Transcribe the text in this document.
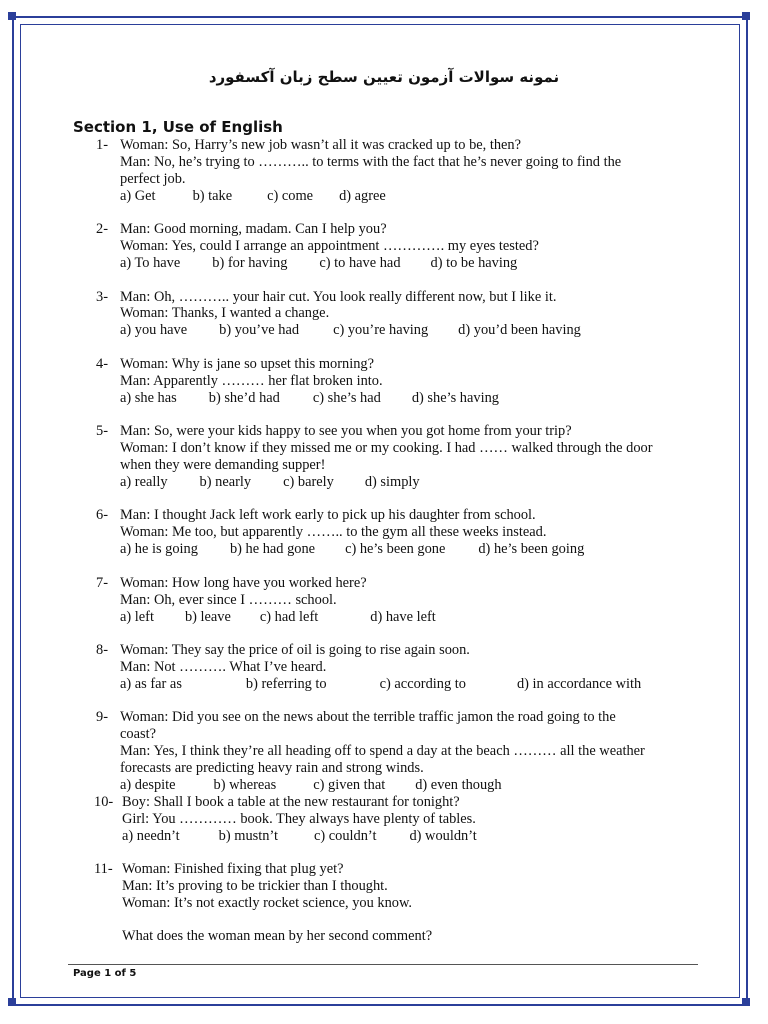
نمونه سوالات آزمون تعیین سطح زبان آکسفورد
Section 1, Use of English
1- Woman: So, Harry’s new job wasn’t all it was cracked up to be, then?
Man: No, he’s trying to ……….. to terms with the fact that he’s never going to find the
perfect job.
a) Get	b) take	c) come	d) agree
2- Man: Good morning, madam. Can I help you?
Woman: Yes, could I arrange an appointment …………. my eyes tested?
a) To have	b) for having	c) to have had	d) to be having
3- Man: Oh, ……….. your hair cut. You look really different now, but I like it.
Woman: Thanks, I wanted a change.
a) you have	b) you’ve had	c) you’re having	d) you’d been having
4- Woman: Why is jane so upset this morning?
Man: Apparently ……… her flat broken into.
a) she has	b) she’d had	c) she’s had	d) she’s having
5- Man: So, were your kids happy to see you when you got home from your trip?
Woman: I don’t know if they missed me or my cooking. I had …… walked through the door
when they were demanding supper!
a) really	b) nearly	c) barely	d) simply
6- Man: I thought Jack left work early to pick up his daughter from school.
Woman: Me too, but apparently …….. to the gym all these weeks instead.
a) he is going	b) he had gone	c) he’s been gone	d) he’s been going
7- Woman: How long have you worked here?
Man: Oh, ever since I ……… school.
a) left	b) leave	c) had left	d) have left
8- Woman: They say the price of oil is going to rise again soon.
Man: Not ………. What I’ve heard.
a) as far as	b) referring to	c) according to	d) in accordance with
9- Woman: Did you see on the news about the terrible traffic jamon the road going to the
coast?
Man: Yes, I think they’re all heading off to spend a day at the beach ……… all the weather
forecasts are predicting heavy rain and strong winds.
a) despite	b) whereas	c) given that	d) even though
10- Boy: Shall I book a table at the new restaurant for tonight?
Girl: You ………… book. They always have plenty of tables.
a) needn’t	b) mustn’t	c) couldn’t	d) wouldn’t
11- Woman: Finished fixing that plug yet?
Man: It’s proving to be trickier than I thought.
Woman: It’s not exactly rocket science, you know.
What does the woman mean by her second comment?
Page 1 of 5
